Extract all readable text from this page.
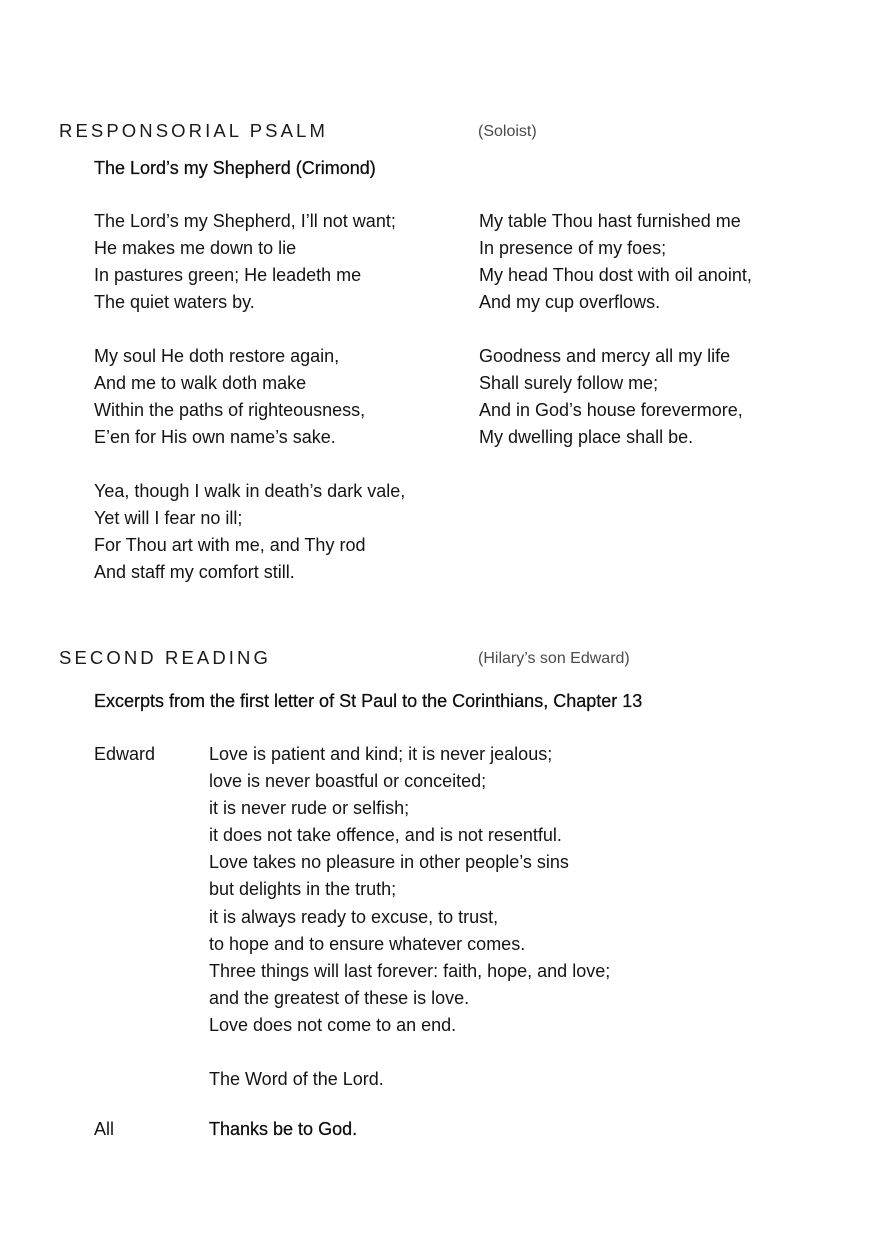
RESPONSORIAL PSALM	(Soloist)
The Lord’s my Shepherd (Crimond)
The Lord’s my Shepherd, I’ll not want;
He makes me down to lie
In pastures green; He leadeth me
The quiet waters by.
My soul He doth restore again,
And me to walk doth make
Within the paths of righteousness,
E’en for His own name’s sake.
Yea, though I walk in death’s dark vale,
Yet will I fear no ill;
For Thou art with me, and Thy rod
And staff my comfort still.
My table Thou hast furnished me
In presence of my foes;
My head Thou dost with oil anoint,
And my cup overflows.
Goodness and mercy all my life
Shall surely follow me;
And in God’s house forevermore,
My dwelling place shall be.
SECOND READING	(Hilary’s son Edward)
Excerpts from the first letter of St Paul to the Corinthians, Chapter 13
Edward	Love is patient and kind; it is never jealous;
love is never boastful or conceited;
it is never rude or selfish;
it does not take offence, and is not resentful.
Love takes no pleasure in other people’s sins
but delights in the truth;
it is always ready to excuse, to trust,
to hope and to ensure whatever comes.
Three things will last forever: faith, hope, and love;
and the greatest of these is love.
Love does not come to an end.
The Word of the Lord.
All	Thanks be to God.
